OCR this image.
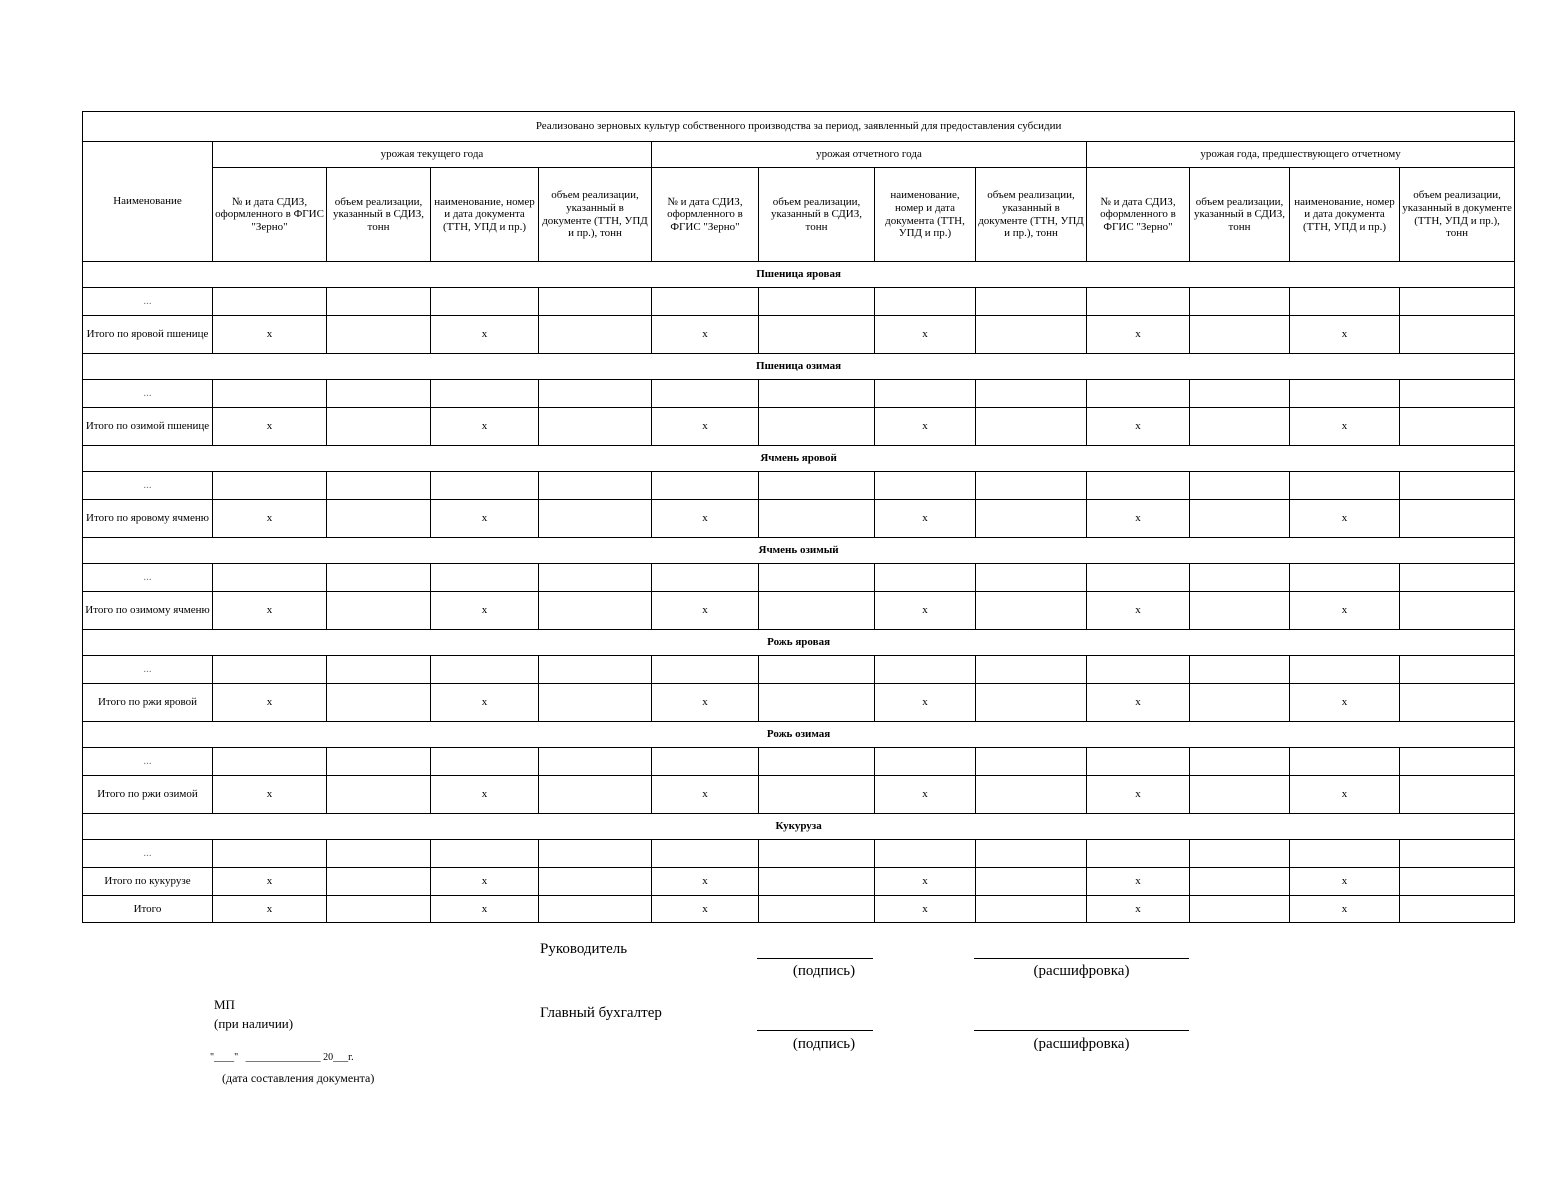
Реализовано зерновых культур собственного производства за период, заявленный для предоставления субсидии												
Наименование	урожая текущего года				урожая отчетного года				урожая года, предшествующего отчетному			
	№ и дата СДИЗ, оформленного в ФГИС "Зерно"	объем реализации, указанный в СДИЗ, тонн	наименование, номер и дата документа (ТТН, УПД и пр.)	объем реализации, указанный в документе (ТТН, УПД и пр.), тонн	№ и дата СДИЗ, оформленного в ФГИС "Зерно"	объем реализации, указанный в СДИЗ, тонн	наименование, номер и дата документа (ТТН, УПД и пр.)	объем реализации, указанный в документе (ТТН, УПД и пр.), тонн	№ и дата СДИЗ, оформленного в ФГИС "Зерно"	объем реализации, указанный в СДИЗ, тонн	наименование, номер и дата документа (ТТН, УПД и пр.)	объем реализации, указанный в документе (ТТН, УПД и пр.), тонн
Пшеница яровая												
...												
Итого по яровой пшенице	x		x		x		x		x		x	
Пшеница озимая												
...												
Итого по озимой пшенице	x		x		x		x		x		x	
Ячмень яровой												
...												
Итого по яровому ячменю	x		x		x		x		x		x	
Ячмень озимый												
...												
Итого по озимому ячменю	x		x		x		x		x		x	
Рожь яровая												
...												
Итого по ржи яровой	x		x		x		x		x		x	
Рожь озимая												
...												
Итого по ржи озимой	x		x		x		x		x		x	
Кукуруза												
...												
Итого по кукурузе	x		x		x		x		x		x	
Итого	x		x		x		x		x		x	
Руководитель
(подпись)	(расшифровка)
Главный бухгалтер
(подпись)	(расшифровка)
МП
(при наличии)
"____"   _______________ 20___г.
(дата составления документа)
